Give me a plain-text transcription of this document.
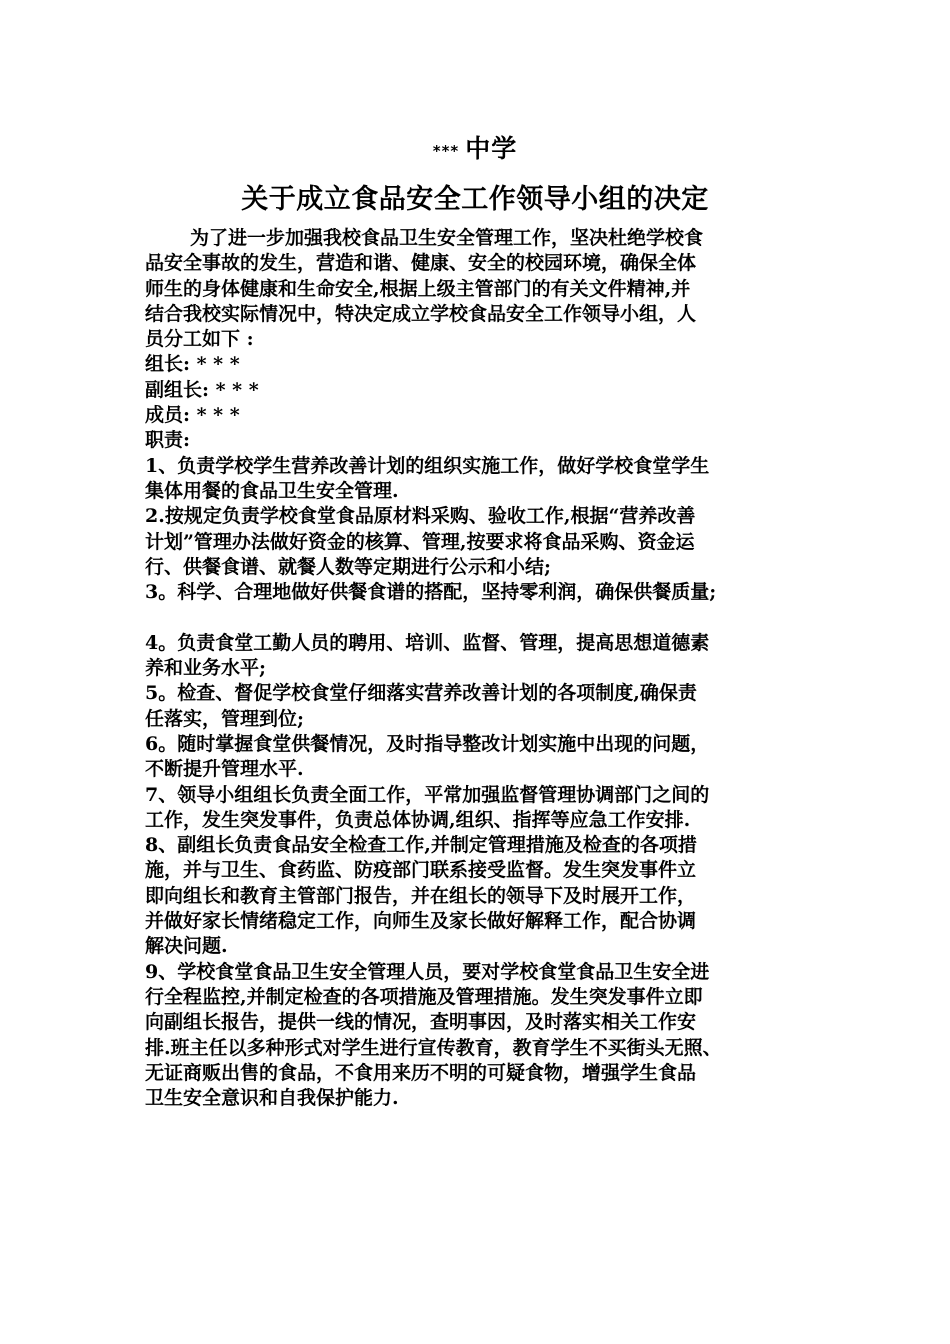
*** 中学
关于成立食品安全工作领导小组的决定
为了进一步加强我校食品卫生安全管理工作，坚决杜绝学校食
品安全事故的发生，营造和谐、健康、安全的校园环境，确保全体
师生的身体健康和生命安全,根据上级主管部门的有关文件精神,并
结合我校实际情况中，特决定成立学校食品安全工作领导小组，人
员分工如下 :
组长: * * *
副组长: * * *
成员: * * *
职责:
1、负责学校学生营养改善计划的组织实施工作，做好学校食堂学生
集体用餐的食品卫生安全管理.
2.按规定负责学校食堂食品原材料采购、验收工作,根据“营养改善
计划”管理办法做好资金的核算、管理,按要求将食品采购、资金运
行、供餐食谱、就餐人数等定期进行公示和小结;
3。科学、合理地做好供餐食谱的搭配，坚持零利润，确保供餐质量;
4。负责食堂工勤人员的聘用、培训、监督、管理，提高思想道德素
养和业务水平;
5。检查、督促学校食堂仔细落实营养改善计划的各项制度,确保责
任落实，管理到位;
6。随时掌握食堂供餐情况，及时指导整改计划实施中出现的问题，
不断提升管理水平.
7、领导小组组长负责全面工作，平常加强监督管理协调部门之间的
工作，发生突发事件，负责总体协调,组织、指挥等应急工作安排.
8、副组长负责食品安全检查工作,并制定管理措施及检查的各项措
施，并与卫生、食药监、防疫部门联系接受监督。发生突发事件立
即向组长和教育主管部门报告，并在组长的领导下及时展开工作，
并做好家长情绪稳定工作，向师生及家长做好解释工作，配合协调
解决问题.
9、学校食堂食品卫生安全管理人员，要对学校食堂食品卫生安全进
行全程监控,并制定检查的各项措施及管理措施。发生突发事件立即
向副组长报告，提供一线的情况，查明事因，及时落实相关工作安
排.班主任以多种形式对学生进行宣传教育，教育学生不买街头无照、
无证商贩出售的食品，不食用来历不明的可疑食物，增强学生食品
卫生安全意识和自我保护能力.
